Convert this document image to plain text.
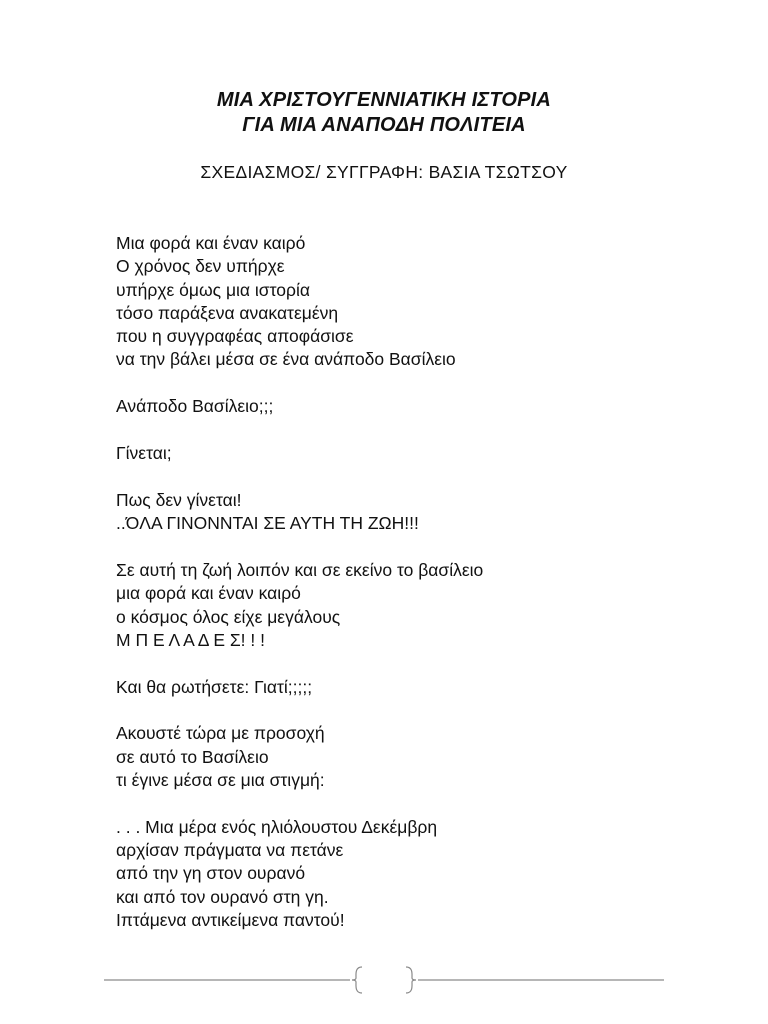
ΜΙΑ ΧΡΙΣΤΟΥΓΕΝΝΙΑΤΙΚΗ ΙΣΤΟΡΙΑ

ΓΙΑ ΜΙΑ ΑΝΑΠΟΔΗ ΠΟΛΙΤΕΙΑ

ΣΧΕΔΙΑΣΜΟΣ/ ΣΥΓΓΡΑΦΗ: ΒΑΣΙΑ ΤΣΩΤΣΟΥ
Μια φορά και έναν καιρό
Ο χρόνος δεν υπήρχε
υπήρχε όμως μια ιστορία
τόσο παράξενα ανακατεμένη
που η συγγραφέας αποφάσισε
να την βάλει μέσα σε ένα ανάποδο Βασίλειο
Ανάποδο Βασίλειο;;;
Γίνεται;
Πως δεν γίνεται!
..ΌΛΑ ΓΙΝΟΝΝΤΑΙ ΣΕ ΑΥΤΗ ΤΗ ΖΩΗ!!!
Σε αυτή τη ζωή λοιπόν και σε εκείνο το βασίλειο
μια φορά και έναν καιρό
ο κόσμος όλος είχε μεγάλους
Μ Π Ε Λ Α Δ Ε Σ! ! !
Και θα ρωτήσετε: Γιατί;;;;;
Ακουστέ τώρα με προσοχή
σε αυτό το Βασίλειο
τι έγινε μέσα σε μια στιγμή:
. . . Μια μέρα ενός ηλιόλουστου Δεκέμβρη
αρχίσαν πράγματα να πετάνε
από την γη στον ουρανό
και από τον ουρανό στη γη.
Ιπτάμενα αντικείμενα παντού!
